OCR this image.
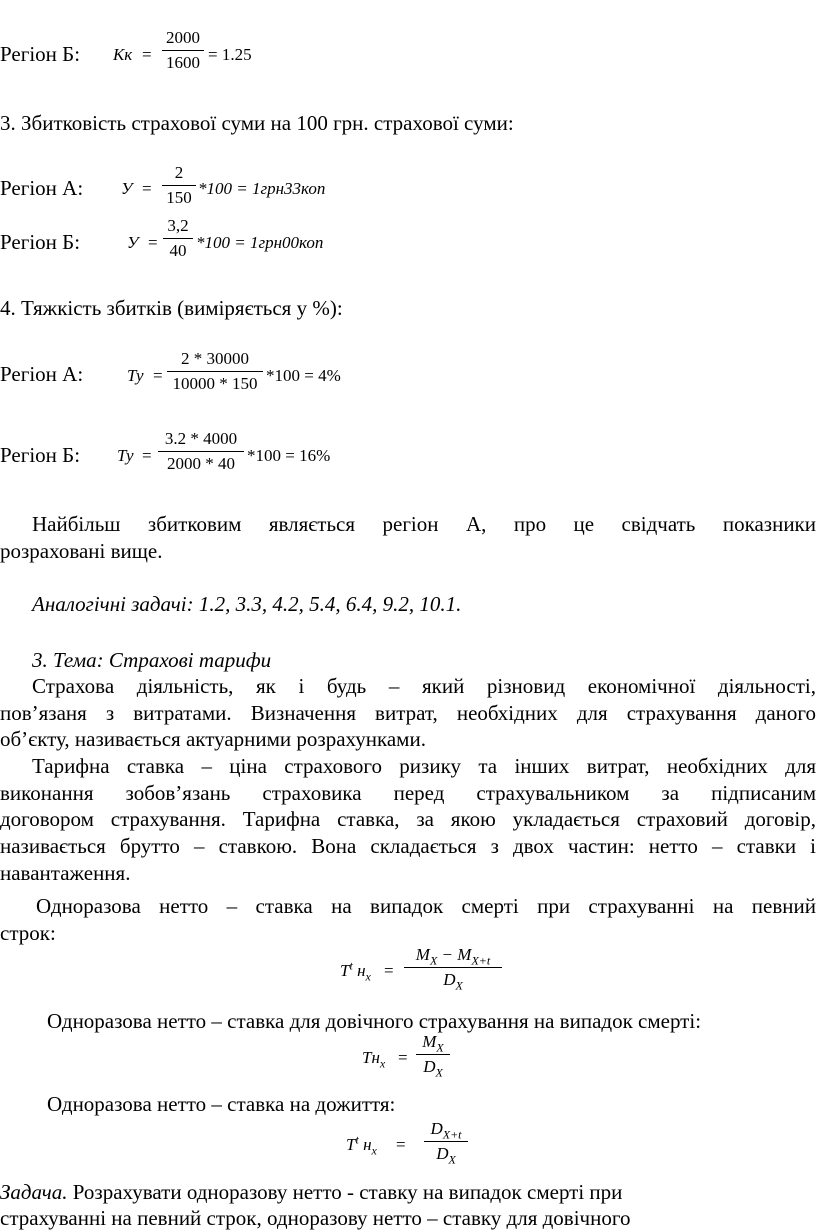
Регіон Б: Кк =
2000
1600 = 1.25
3. Збитковість страхової суми на 100 грн. страхової суми:
Регіон А: У =
2
150 *100 = 1грн33коп
Регіон Б:	У =
3,2
40 *100 = 1грн00коп
4. Тяжкість збитків (виміряється у %):
Регіон А:	Ту =
2 * 30000
10000 * 150 *100 = 4%
Регіон Б: Ту =
3.2 * 4000
2000 * 40 *100 = 16%
Найбільш збитковим являється регіон А, про це свідчать показники
розраховані вище.
Аналогічні задачі: 1.2, 3.3, 4.2, 5.4, 6.4, 9.2, 10.1.
3. Тема: Страхові тарифи
Страхова діяльність, як і будь – який різновид економічної діяльності,
пов’язаня з витратами. Визначення витрат, необхідних для страхування даного
об’єкту, називається актуарними розрахунками.
Тарифна ставка – ціна страхового ризику та інших витрат, необхідних для
виконання зобов’язань страховика перед страхувальником за підписаним
договором страхування. Тарифна ставка, за якою укладається страховий договір,
називається брутто – ставкою. Вона складається з двох частин: нетто – ставки і
навантаження.
Одноразова нетто – ставка на випадок смерті при страхуванні на певний
строк:
$T^t$ $н_x$ =
$M_X - M_{X+t}$
$D_X$
Одноразова нетто – ставка для довічного страхування на випадок смерті:
$Тн_x$ =
$M_X$
$D_X$
Одноразова нетто – ставка на дожиття:
$T^t$ $н_x$ =
$D_{X+t}$
$D_X$
Задача. Розрахувати одноразову нетто - ставку на випадок смерті при
страхуванні на певний строк, одноразову нетто – ставку для довічного
